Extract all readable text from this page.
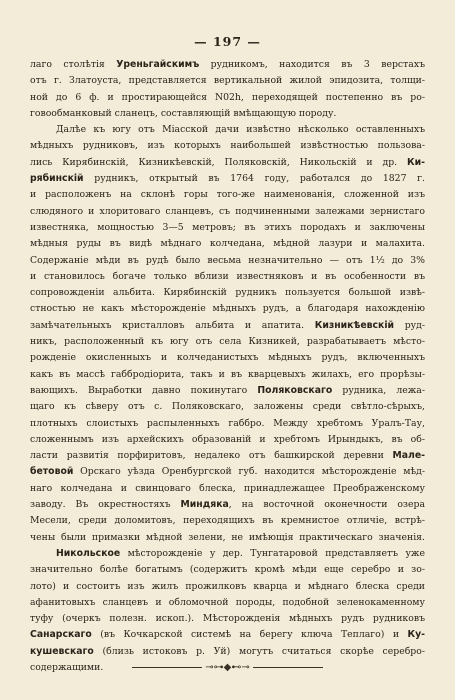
— 197 —

лаго столѣтія Уреньгайскимъ рудникомъ, находится въ 3 верстахъ

отъ г. Златоуста, представляется вертикальной жилой эпидозита, толщи-

ной до 6 ф. и простирающейся N02h, переходящей постепенно въ ро-

говообманковый сланецъ, составляющій вмѣщающую породу.

Далѣе къ югу отъ Міасской дачи извѣстно нѣсколько оставленныхъ

мѣдныхъ рудниковъ, изъ которыхъ наибольшей извѣстностью пользова-

лись Кирябинскій, Кизникѣевскій, Поляковскій, Никольскій и др. Ки-

рябинскій рудникъ, открытый въ 1764 году, работался до 1827 г.

и расположенъ на склонѣ горы того-же наименованія, сложенной изъ

слюдяного и хлоритоваго сланцевъ, съ подчиненными залежами зернистаго

известняка, мощностью 3—5 метровъ; въ этихъ породахъ и заключены

мѣдныя руды въ видѣ мѣднаго колчедана, мѣдной лазури и малахита.

Содержаніе мѣди въ рудѣ было весьма незначительно — отъ 1½ до 3%

и становилось богаче только вблизи известняковъ и въ особенности въ

сопровожденіи альбита. Кирябинскій рудникъ пользуется большой извѣ-

стностью не какъ мѣсторожденіе мѣдныхъ рудъ, а благодаря нахожденію

замѣчательныхъ кристалловъ альбита и апатита. Кизникѣевскій руд-

никъ, расположенный къ югу отъ села Кизникей, разрабатываетъ мѣсто-

рожденіе окисленныхъ и колчеданистыхъ мѣдныхъ рудъ, включенныхъ

какъ въ массѣ габбродіорита, такъ и въ кварцевыхъ жилахъ, его прорѣзы-

вающихъ. Выработки давно покинутаго Поляковскаго рудника, лежа-

щаго къ сѣверу отъ с. Поляковскаго, заложены среди свѣтло-сѣрыхъ,

плотныхъ слоистыхъ распыленныхъ габбро. Между хребтомъ Уралъ-Тау,

сложеннымъ изъ архейскихъ образованій и хребтомъ Ирындыкъ, въ об-

ласти развитія порфиритовъ, недалеко отъ башкирской деревни Мале-

бетовой Орскаго уѣзда Оренбургской губ. находится мѣсторожденіе мѣд-

наго колчедана и свинцоваго блеска, принадлежащее Преображенскому

заводу. Въ окрестностяхъ Миндяка, на восточной оконечности озера

Месели, среди доломитовъ, переходящихъ въ кремнистое отличіе, встрѣ-

чены были примазки мѣдной зелени, не имѣющія практическаго значенія.

Никольское мѣсторожденіе у дер. Тунгатаровой представляетъ уже

значительно болѣе богатымъ (содержитъ кромѣ мѣди еще серебро и зо-

лото) и состоитъ изъ жилъ прожилковъ кварца и мѣднаго блеска среди

афанитовыхъ сланцевъ и обломочной породы, подобной зеленокаменному

туфу (очеркъ полезн. ископ.). Мѣсторожденія мѣдныхъ рудъ рудниковъ

Санарскаго (въ Кочкарской системѣ на берегу ключа Теплаго) и Ку-

кушевскаго (близь истоковъ р. Уй) могутъ считаться скорѣе серебро-

содержащими.	⊸⊶◆⊷⊸
